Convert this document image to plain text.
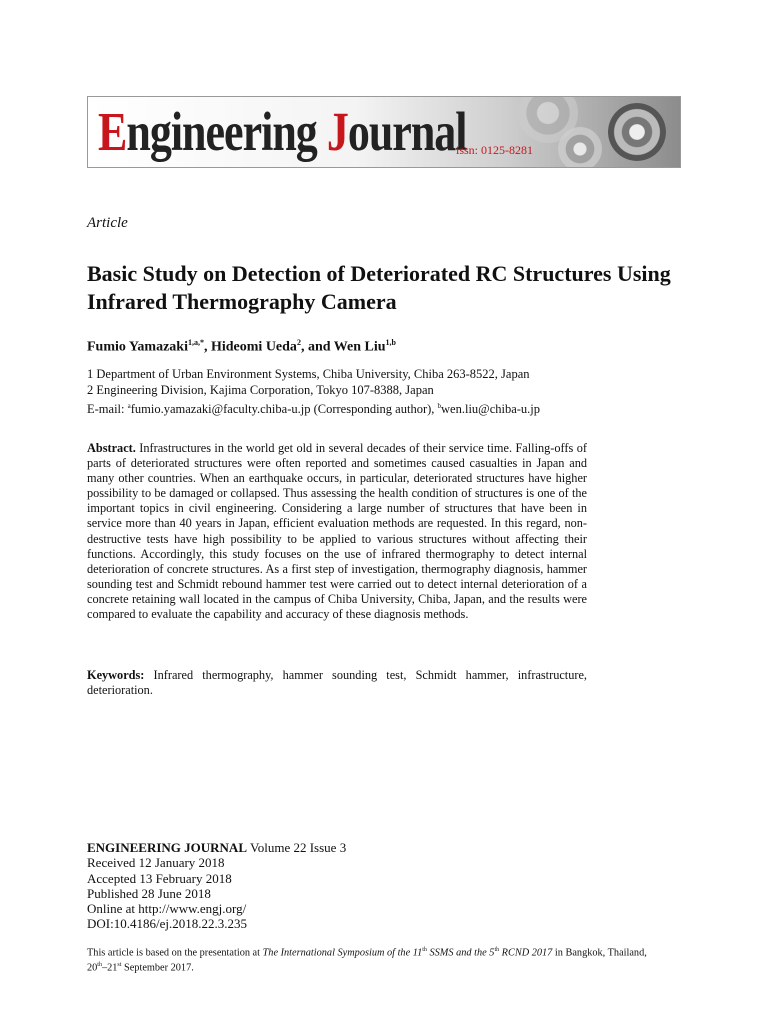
Engineering Journal
issn: 0125-8281
Article
Basic Study on Detection of Deteriorated RC Structures Using Infrared Thermography Camera
Fumio Yamazaki$^{1,a,*}$, Hideomi Ueda$^2$, and Wen Liu$^{1,b}$
1 Department of Urban Environment Systems, Chiba University, Chiba 263-8522, Japan
2 Engineering Division, Kajima Corporation, Tokyo 107-8388, Japan
E-mail: $^a$fumio.yamazaki@faculty.chiba-u.jp (Corresponding author), $^b$wen.liu@chiba-u.jp
Abstract. Infrastructures in the world get old in several decades of their service time. Falling-offs of parts of deteriorated structures were often reported and sometimes caused casualties in Japan and many other countries. When an earthquake occurs, in particular, deteriorated structures have higher possibility to be damaged or collapsed. Thus assessing the health condition of structures is one of the important topics in civil engineering. Considering a large number of structures that have been in service more than 40 years in Japan, efficient evaluation methods are requested. In this regard, non-destructive tests have high possibility to be applied to various structures without affecting their functions. Accordingly, this study focuses on the use of infrared thermography to detect internal deterioration of concrete structures. As a first step of investigation, thermography diagnosis, hammer sounding test and Schmidt rebound hammer test were carried out to detect internal deterioration of a concrete retaining wall located in the campus of Chiba University, Chiba, Japan, and the results were compared to evaluate the capability and accuracy of these diagnosis methods.
Keywords: Infrared thermography, hammer sounding test, Schmidt hammer, infrastructure, deterioration.
ENGINEERING JOURNAL Volume 22 Issue 3
Received 12 January 2018
Accepted 13 February 2018
Published 28 June 2018
Online at http://www.engj.org/
DOI:10.4186/ej.2018.22.3.235
This article is based on the presentation at The International Symposium of the 11th SSMS and the 5th RCND 2017 in Bangkok, Thailand,
20th–21st September 2017.
